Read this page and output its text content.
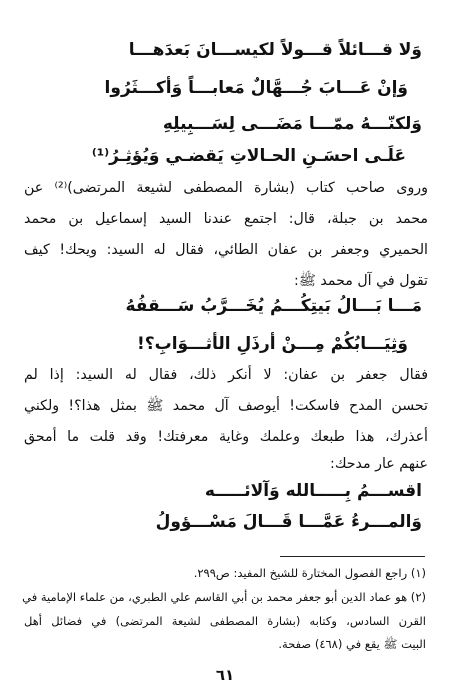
وَلا قـــائلاً قـــولاً لكيســـانَ بَعدَهـــا
وَإنْ عَـــابَ جُـــهَّالٌ مَعابـــاً وَأكـــثَرُوا
وَلكنّـــهُ ممّـــا مَضَـــى لِسَـــبِيلِهِ
عَلَـى احسَـنِ الحـالاتِ يَقضـي وَيُؤثِـرُ⁽¹⁾
وروى صاحب كتاب (بشارة المصطفى لشيعة المرتضى)⁽²⁾ عن
محمد بن جبلة، قال: اجتمع عندنا السيد إسماعيل بن محمد
الحميري وجعفر بن عفان الطائي، فقال له السيد: ويحك! كيف
تقول في آل محمد ﷺ:
مَـــا بَـــالُ بَيتِكُـــمُ يُخَـــرَّبُ سَـــقفُهُ
وَثِيَـــابُكُمْ مِـــنْ أرذَلِ الأثـــوَابِ؟!
فقال جعفر بن عفان: لا أنكر ذلك، فقال له السيد: إذا لم
تحسن المدح فاسكت! أيوصف آل محمد ﷺ بمثل هذا؟! ولكني
أعذرك، هذا طبعك وعلمك وغاية معرفتك! وقد قلت ما أمحق
عنهم عار مدحك:
اقســـمُ بِـــــالله وَآلائـــــه
وَالمـــرءُ عَمَّـــا قَـــالَ مَسْـــؤولُ
(١) راجع الفصول المختارة للشيخ المفيد: ص٢٩٩.
(٢) هو عماد الدين أبو جعفر محمد بن أبي القاسم علي الطبري، من علماء الإمامية في
القرن السادس، وكتابه (بشارة المصطفى لشيعة المرتضى) في فضائل أهل
البيت ﷺ يقع في (٤٦٨) صفحة.
٦١
